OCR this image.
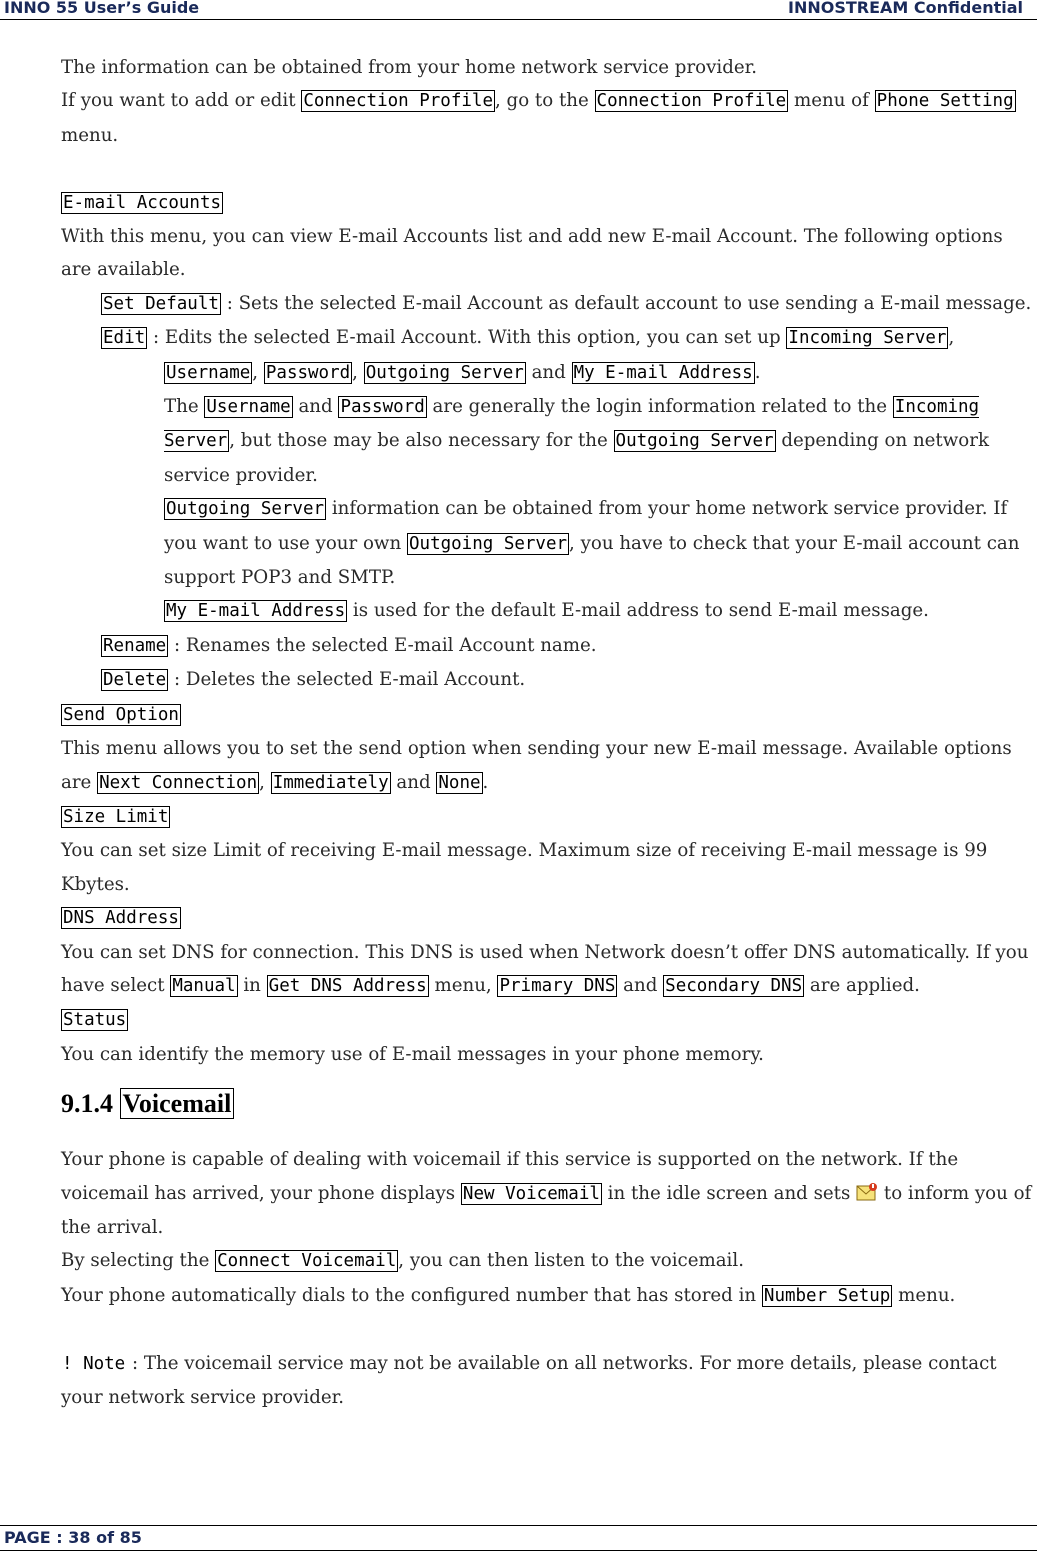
INNO 55 User’s Guide	INNOSTREAM Confidential

The information can be obtained from your home network service provider.

If you want to add or edit Connection Profile , go to the Connection Profile menu of Phone Setting menu.

E-mail Accounts

With this menu, you can view E-mail Accounts list and add new E-mail Account. The following options are available.

Set Default : Sets the selected E-mail Account as default account to use sending a E-mail message.

Edit : Edits the selected E-mail Account. With this option, you can set up Incoming Server , Username , Password , Outgoing Server and My E-mail Address .

The Username and Password are generally the login information related to the Incoming Server , but those may be also necessary for the Outgoing Server depending on network service provider.

Outgoing Server information can be obtained from your home network service provider. If you want to use your own Outgoing Server , you have to check that your E-mail account can support POP3 and SMTP.

My E-mail Address is used for the default E-mail address to send E-mail message.

Rename : Renames the selected E-mail Account name.

Delete : Deletes the selected E-mail Account.

Send Option

This menu allows you to set the send option when sending your new E-mail message. Available options are Next Connection , Immediately and None .

Size Limit

You can set size Limit of receiving E-mail message. Maximum size of receiving E-mail message is 99 Kbytes.

DNS Address

You can set DNS for connection. This DNS is used when Network doesn’t offer DNS automatically. If you have select Manual in Get DNS Address menu, Primary DNS and Secondary DNS are applied.

Status

You can identify the memory use of E-mail messages in your phone memory.

9.1.4 Voicemail

Your phone is capable of dealing with voicemail if this service is supported on the network. If the voicemail has arrived, your phone displays New Voicemail in the idle screen and sets
to inform you of the arrival.

By selecting the Connect Voicemail , you can then listen to the voicemail.

Your phone automatically dials to the configured number that has stored in Number Setup menu.

! Note : The voicemail service may not be available on all networks. For more details, please contact your network service provider.

PAGE : 38 of 85
